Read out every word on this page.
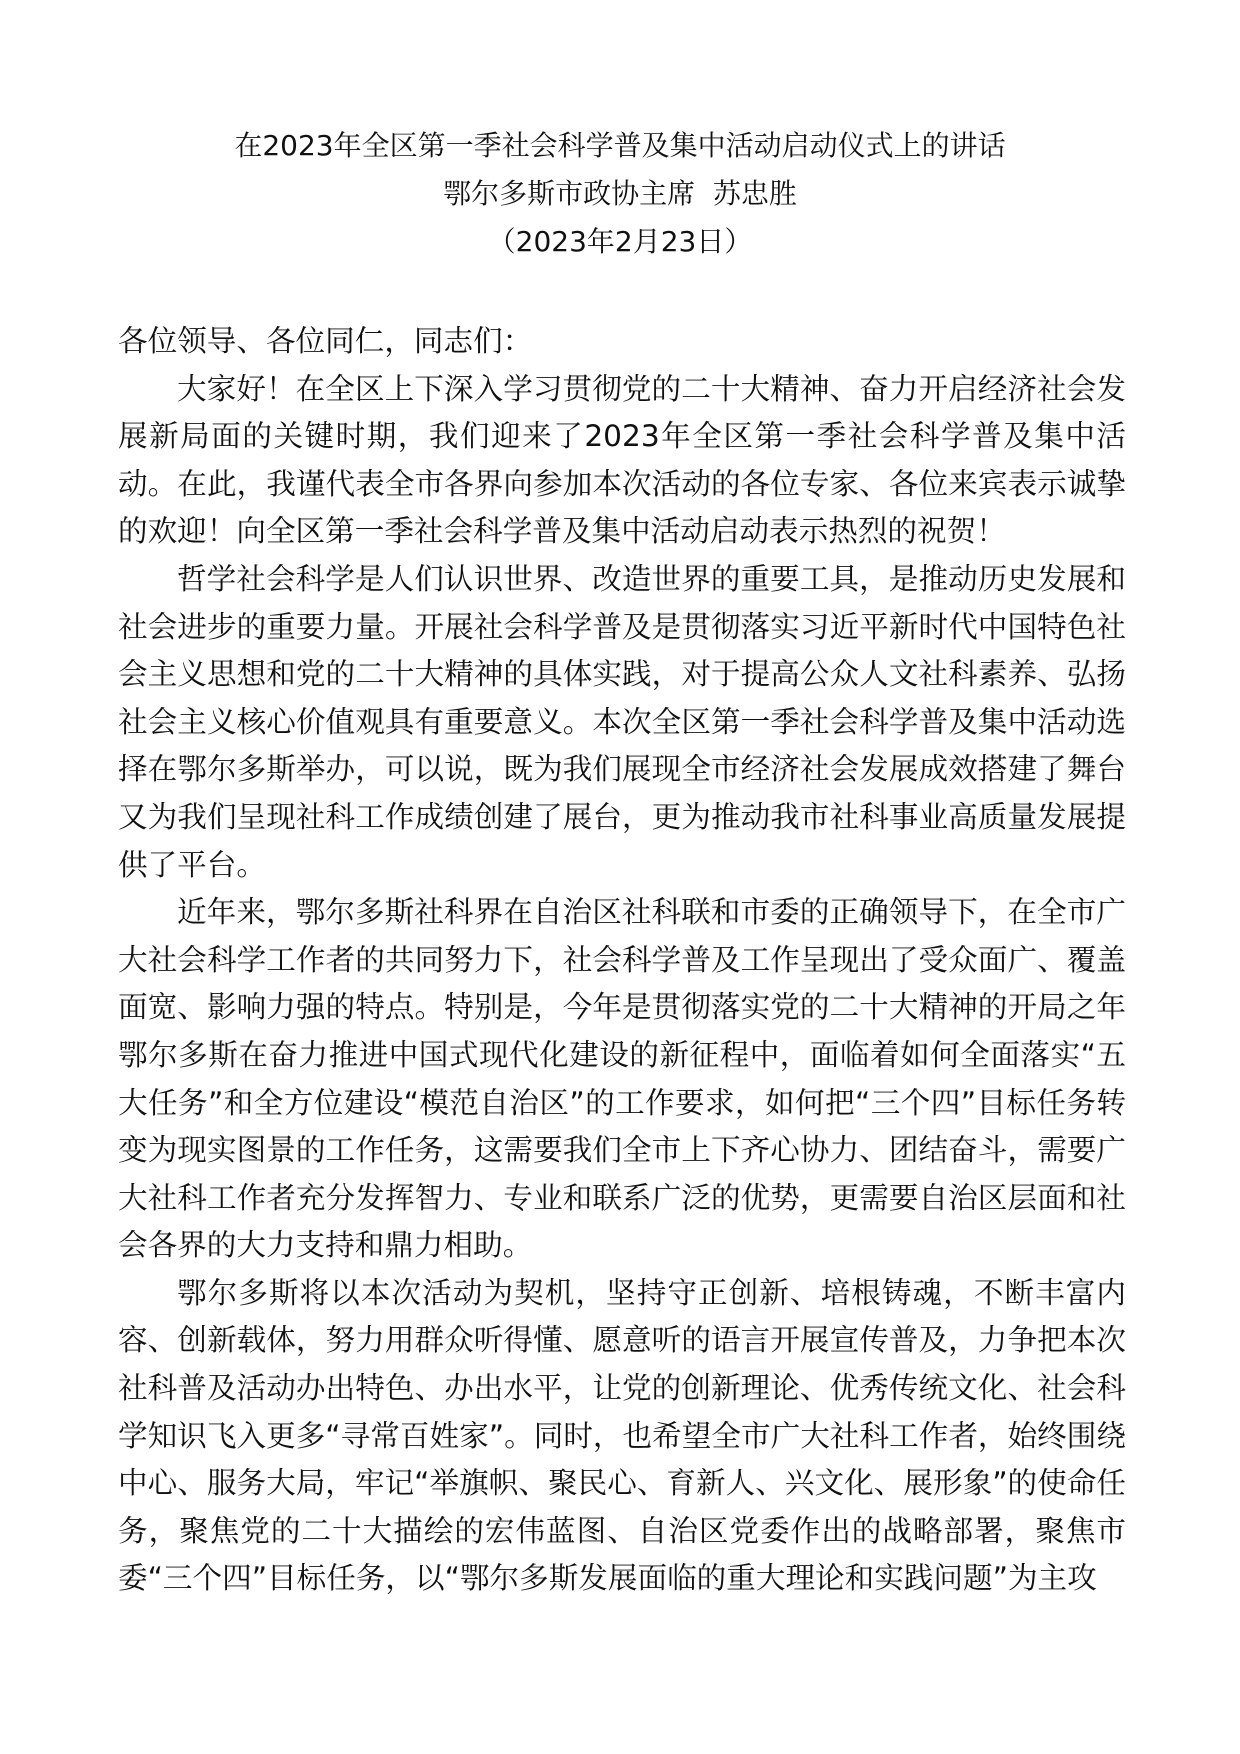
在2023年全区第一季社会科学普及集中活动启动仪式上的讲话
鄂尔多斯市政协主席  苏忠胜
（2023年2月23日）

各位领导、各位同仁，同志们：

大家好！在全区上下深入学习贯彻党的二十大精神、奋力开启经济社会发展新局面的关键时期，我们迎来了2023年全区第一季社会科学普及集中活动。在此，我谨代表全市各界向参加本次活动的各位专家、各位来宾表示诚挚的欢迎！向全区第一季社会科学普及集中活动启动表示热烈的祝贺！

哲学社会科学是人们认识世界、改造世界的重要工具，是推动历史发展和社会进步的重要力量。开展社会科学普及是贯彻落实习近平新时代中国特色社会主义思想和党的二十大精神的具体实践，对于提高公众人文社科素养、弘扬社会主义核心价值观具有重要意义。本次全区第一季社会科学普及集中活动选择在鄂尔多斯举办，可以说，既为我们展现全市经济社会发展成效搭建了舞台又为我们呈现社科工作成绩创建了展台，更为推动我市社科事业高质量发展提供了平台。

近年来，鄂尔多斯社科界在自治区社科联和市委的正确领导下，在全市广大社会科学工作者的共同努力下，社会科学普及工作呈现出了受众面广、覆盖面宽、影响力强的特点。特别是，今年是贯彻落实党的二十大精神的开局之年鄂尔多斯在奋力推进中国式现代化建设的新征程中，面临着如何全面落实“五大任务”和全方位建设“模范自治区”的工作要求，如何把“三个四”目标任务转变为现实图景的工作任务，这需要我们全市上下齐心协力、团结奋斗，需要广大社科工作者充分发挥智力、专业和联系广泛的优势，更需要自治区层面和社会各界的大力支持和鼎力相助。

鄂尔多斯将以本次活动为契机，坚持守正创新、培根铸魂，不断丰富内容、创新载体，努力用群众听得懂、愿意听的语言开展宣传普及，力争把本次社科普及活动办出特色、办出水平，让党的创新理论、优秀传统文化、社会科学知识飞入更多“寻常百姓家”。同时，也希望全市广大社科工作者，始终围绕中心、服务大局，牢记“举旗帜、聚民心、育新人、兴文化、展形象”的使命任务，聚焦党的二十大描绘的宏伟蓝图、自治区党委作出的战略部署，聚焦市委“三个四”目标任务，以“鄂尔多斯发展面临的重大理论和实践问题”为主攻
